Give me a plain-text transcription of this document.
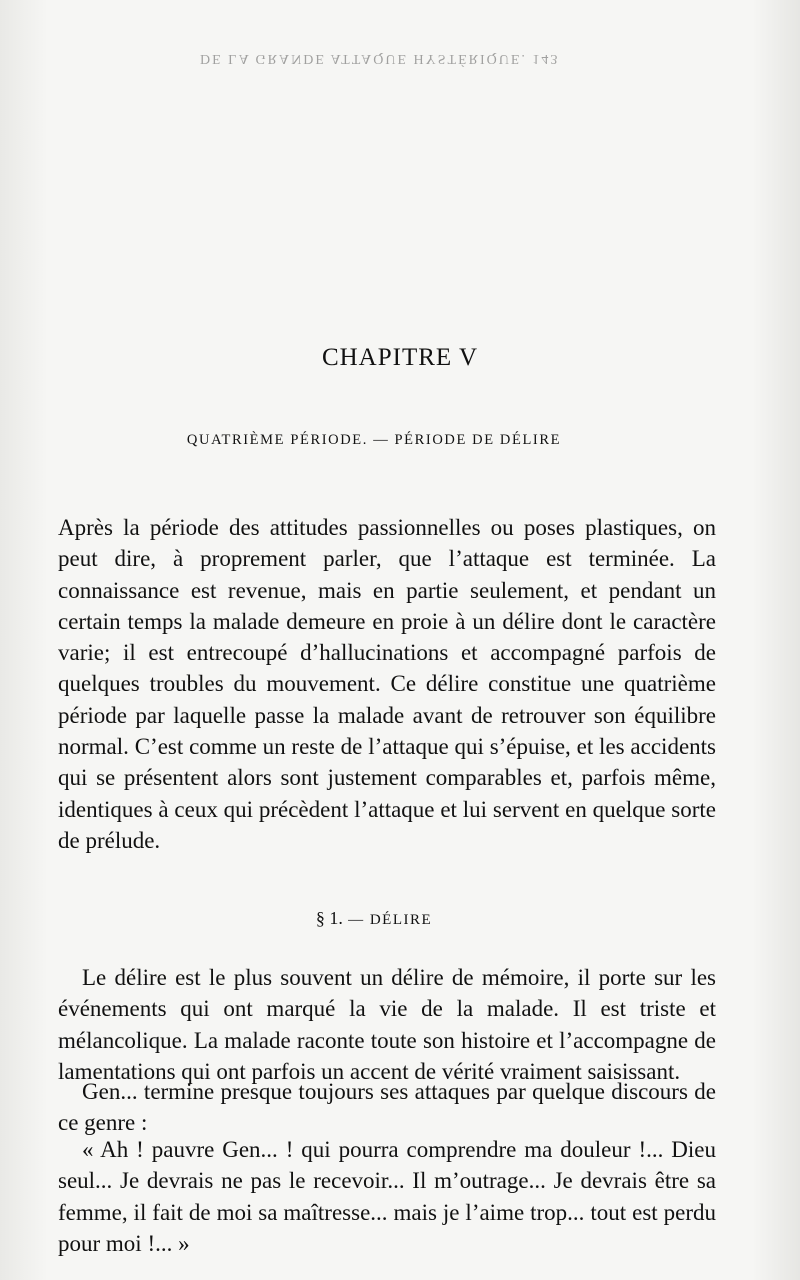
DE LA GRANDE ATTAQUE HYSTÉRIQUE. 143
CHAPITRE V
QUATRIÈME PÉRIODE. — PÉRIODE DE DÉLIRE

Après la période des attitudes passionnelles ou poses plastiques, on peut dire, à proprement parler, que l’attaque est terminée. La connaissance est revenue, mais en partie seulement, et pendant un certain temps la malade demeure en proie à un délire dont le caractère varie; il est entrecoupé d’hallucinations et accompagné parfois de quelques troubles du mouvement. Ce délire constitue une quatrième période par laquelle passe la malade avant de retrouver son équilibre normal. C’est comme un reste de l’attaque qui s’épuise, et les accidents qui se présentent alors sont justement comparables et, parfois même, identiques à ceux qui précèdent l’attaque et lui servent en quelque sorte de prélude.

§ 1. — DÉLIRE

Le délire est le plus souvent un délire de mémoire, il porte sur les événements qui ont marqué la vie de la malade. Il est triste et mélancolique. La malade raconte toute son histoire et l’accompagne de lamentations qui ont parfois un accent de vérité vraiment saisissant.

Gen... termine presque toujours ses attaques par quelque discours de ce genre :

« Ah ! pauvre Gen... ! qui pourra comprendre ma douleur !... Dieu seul... Je devrais ne pas le recevoir... Il m’outrage... Je devrais être sa femme, il fait de moi sa maîtresse... mais je l’aime trop... tout est perdu pour moi !... »
